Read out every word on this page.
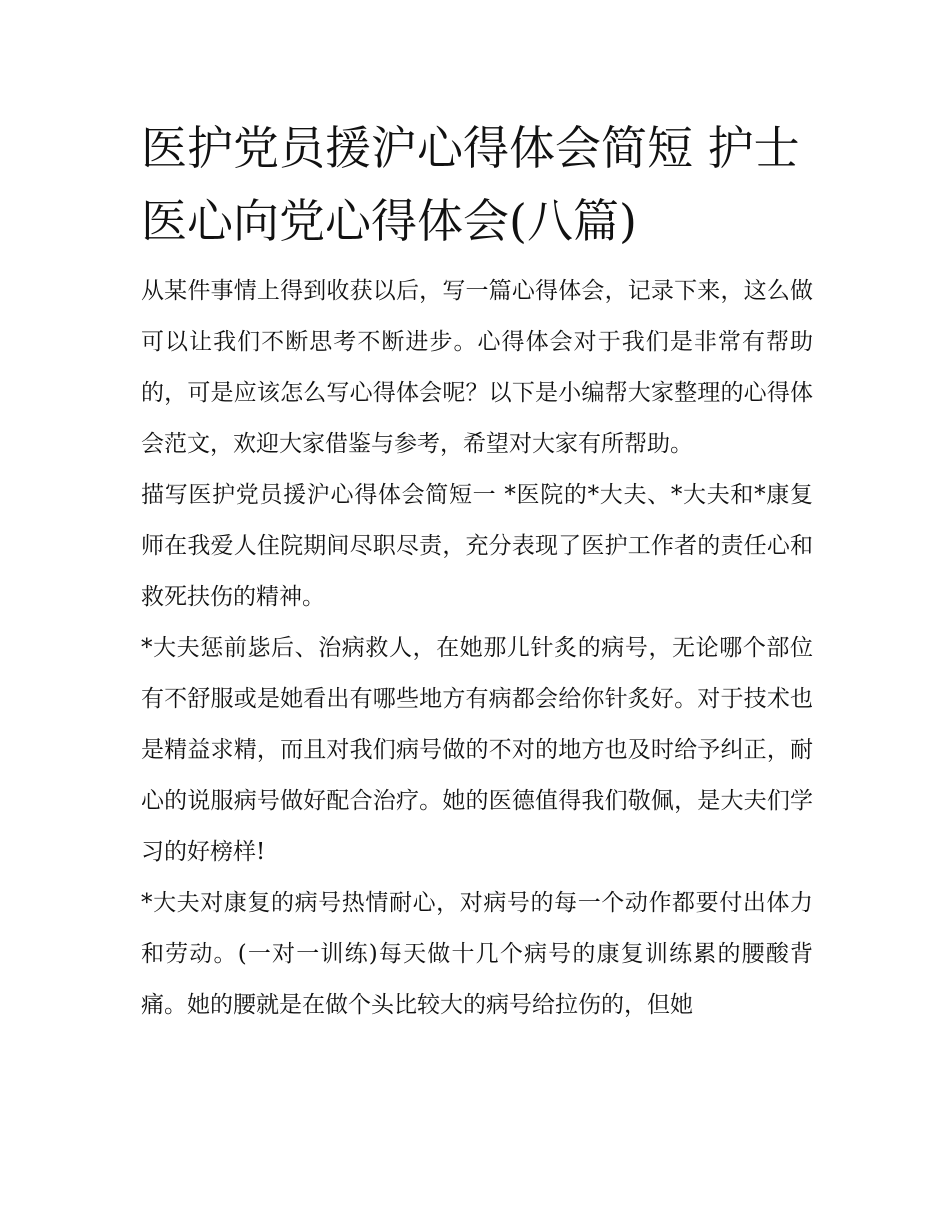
医护党员援沪心得体会简短 护士医心向党心得体会(八篇)

从某件事情上得到收获以后，写一篇心得体会，记录下来，这么做可以让我们不断思考不断进步。心得体会对于我们是非常有帮助的，可是应该怎么写心得体会呢？以下是小编帮大家整理的心得体会范文，欢迎大家借鉴与参考，希望对大家有所帮助。

描写医护党员援沪心得体会简短一 *医院的*大夫、*大夫和*康复师在我爱人住院期间尽职尽责，充分表现了医护工作者的责任心和救死扶伤的精神。

*大夫惩前毖后、治病救人，在她那儿针炙的病号，无论哪个部位有不舒服或是她看出有哪些地方有病都会给你针炙好。对于技术也是精益求精，而且对我们病号做的不对的地方也及时给予纠正，耐心的说服病号做好配合治疗。她的医德值得我们敬佩，是大夫们学习的好榜样!

*大夫对康复的病号热情耐心，对病号的每一个动作都要付出体力和劳动。(一对一训练)每天做十几个病号的康复训练累的腰酸背痛。她的腰就是在做个头比较大的病号给拉伤的，但她
